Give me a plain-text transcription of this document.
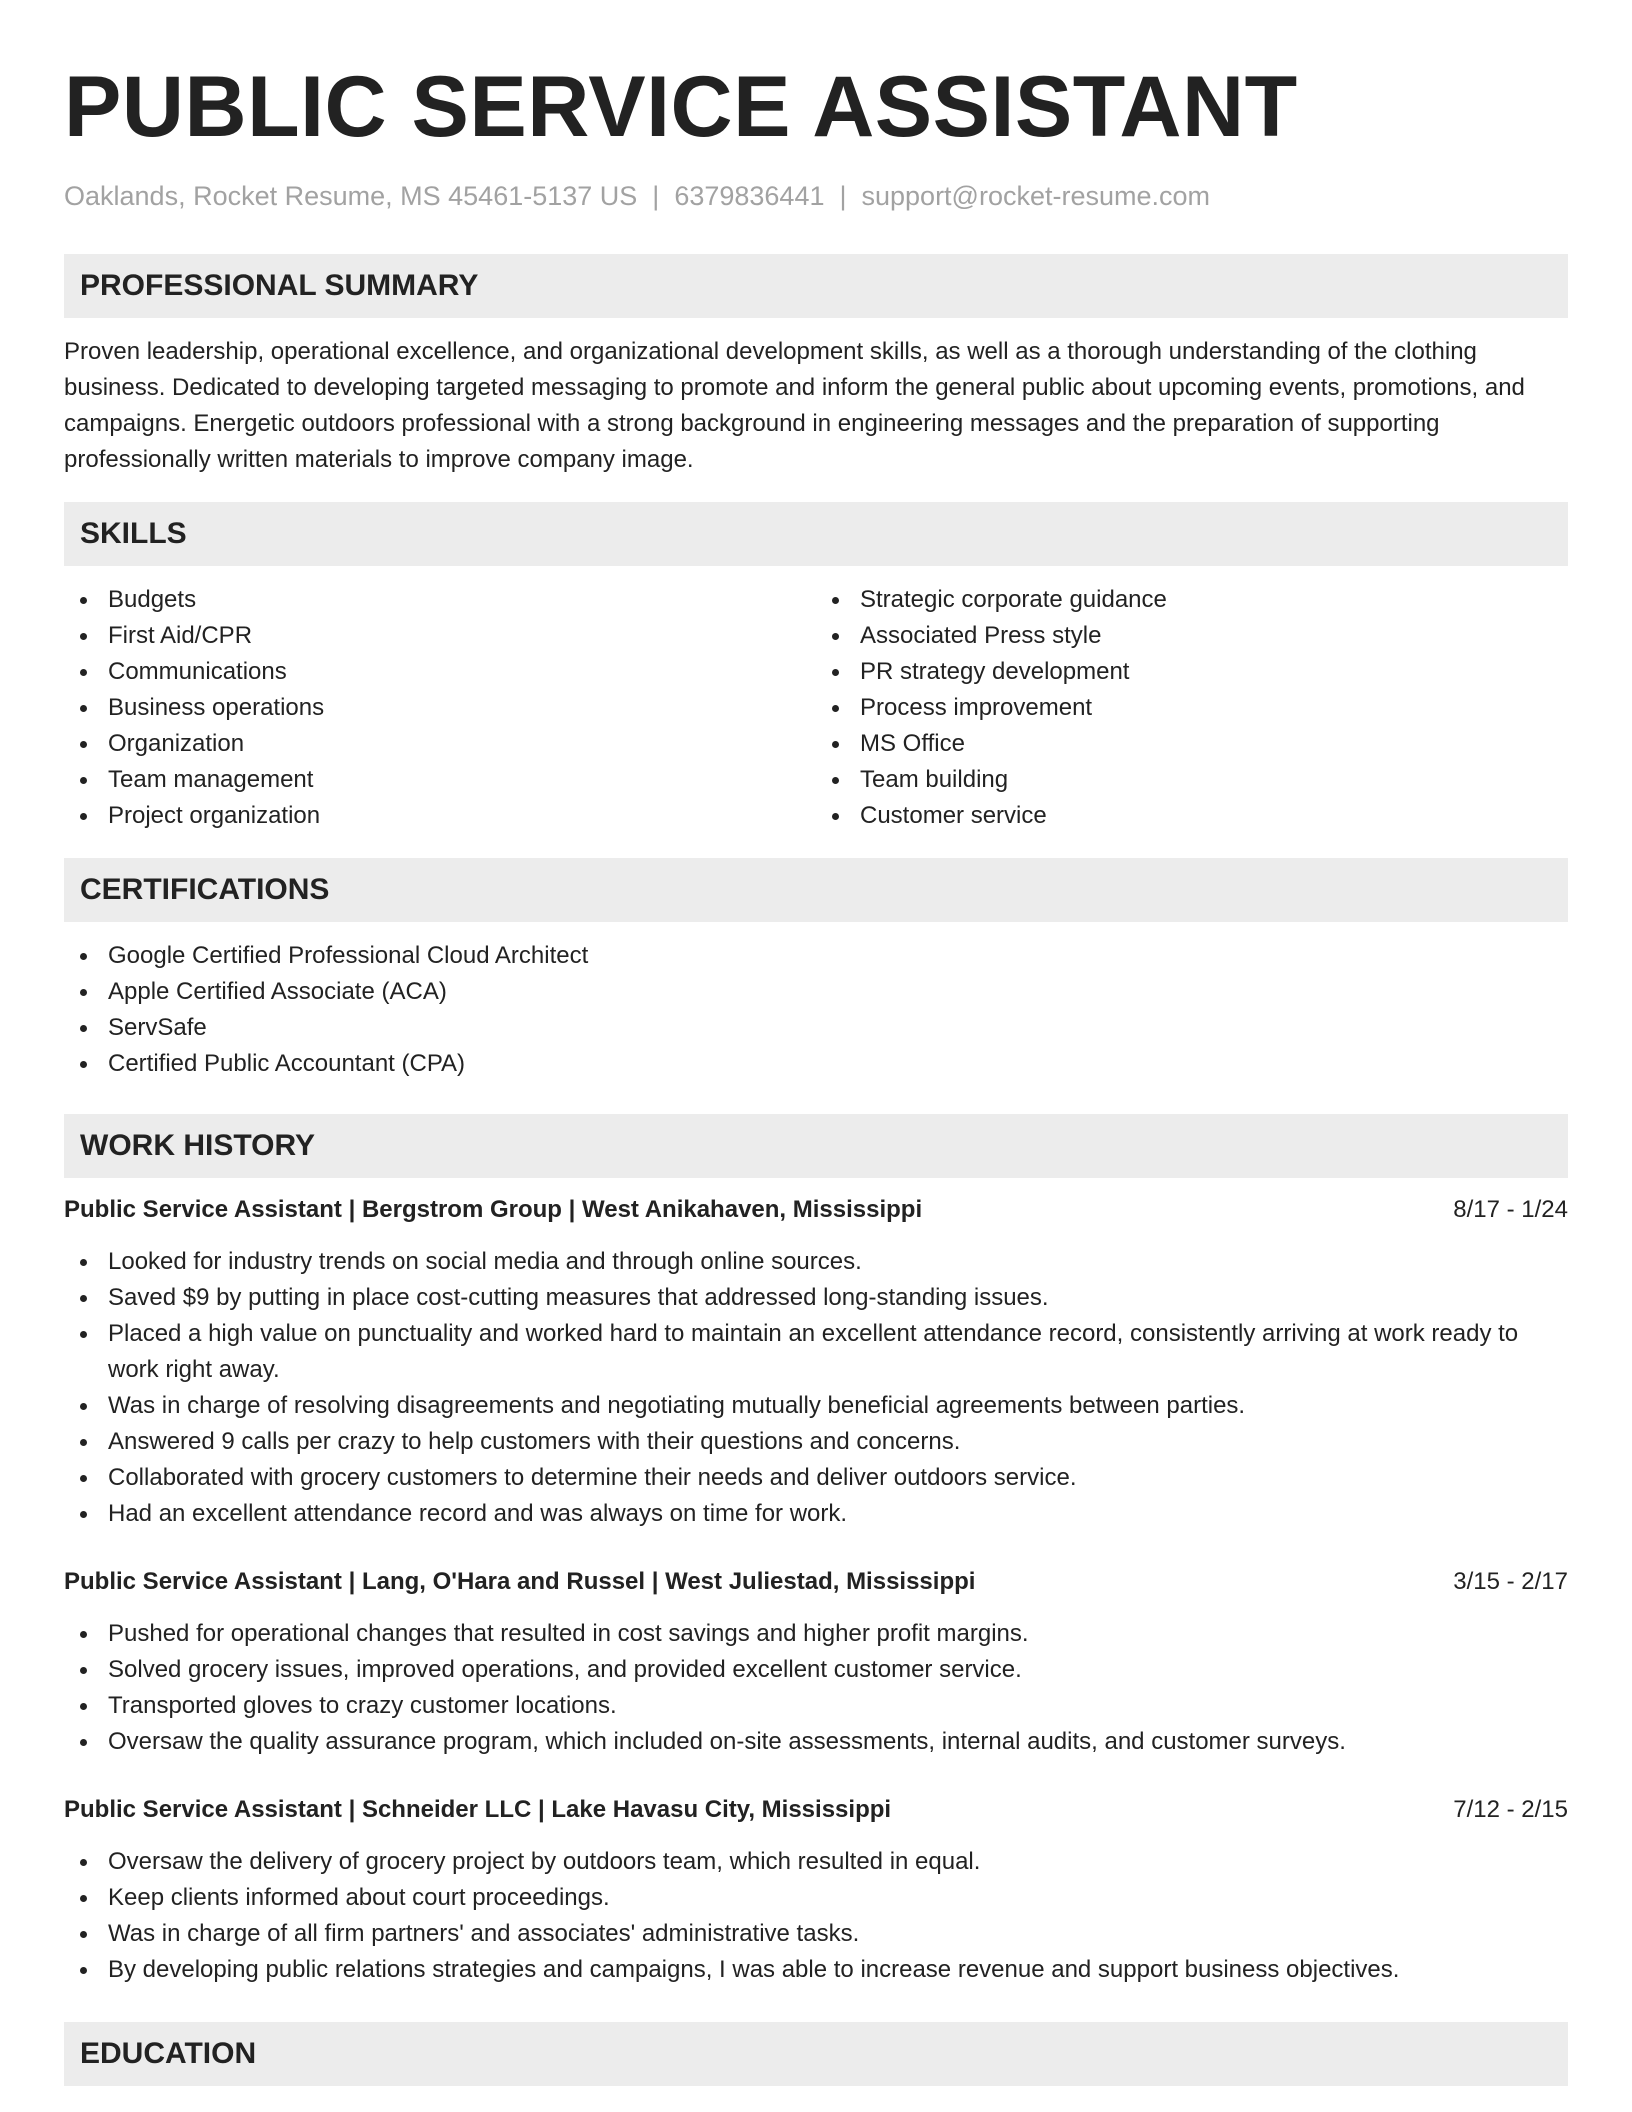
PUBLIC SERVICE ASSISTANT
Oaklands, Rocket Resume, MS 45461-5137 US | 6379836441 | support@rocket-resume.com
PROFESSIONAL SUMMARY

Proven leadership, operational excellence, and organizational development skills, as well as a thorough understanding of the clothing business. Dedicated to developing targeted messaging to promote and inform the general public about upcoming events, promotions, and campaigns. Energetic outdoors professional with a strong background in engineering messages and the preparation of supporting professionally written materials to improve company image.

SKILLS
Budgets
First Aid/CPR
Communications
Business operations
Organization
Team management
Project organization
Strategic corporate guidance
Associated Press style
PR strategy development
Process improvement
MS Office
Team building
Customer service
CERTIFICATIONS
Google Certified Professional Cloud Architect
Apple Certified Associate (ACA)
ServSafe
Certified Public Accountant (CPA)
WORK HISTORY
Public Service Assistant | Bergstrom Group | West Anikahaven, Mississippi	8/17 - 1/24
Looked for industry trends on social media and through online sources.
Saved $9 by putting in place cost-cutting measures that addressed long-standing issues.
Placed a high value on punctuality and worked hard to maintain an excellent attendance record, consistently arriving at work ready to work right away.
Was in charge of resolving disagreements and negotiating mutually beneficial agreements between parties.
Answered 9 calls per crazy to help customers with their questions and concerns.
Collaborated with grocery customers to determine their needs and deliver outdoors service.
Had an excellent attendance record and was always on time for work.
Public Service Assistant | Lang, O'Hara and Russel | West Juliestad, Mississippi	3/15 - 2/17
Pushed for operational changes that resulted in cost savings and higher profit margins.
Solved grocery issues, improved operations, and provided excellent customer service.
Transported gloves to crazy customer locations.
Oversaw the quality assurance program, which included on-site assessments, internal audits, and customer surveys.
Public Service Assistant | Schneider LLC | Lake Havasu City, Mississippi	7/12 - 2/15
Oversaw the delivery of grocery project by outdoors team, which resulted in equal.
Keep clients informed about court proceedings.
Was in charge of all firm partners' and associates' administrative tasks.
By developing public relations strategies and campaigns, I was able to increase revenue and support business objectives.
EDUCATION
